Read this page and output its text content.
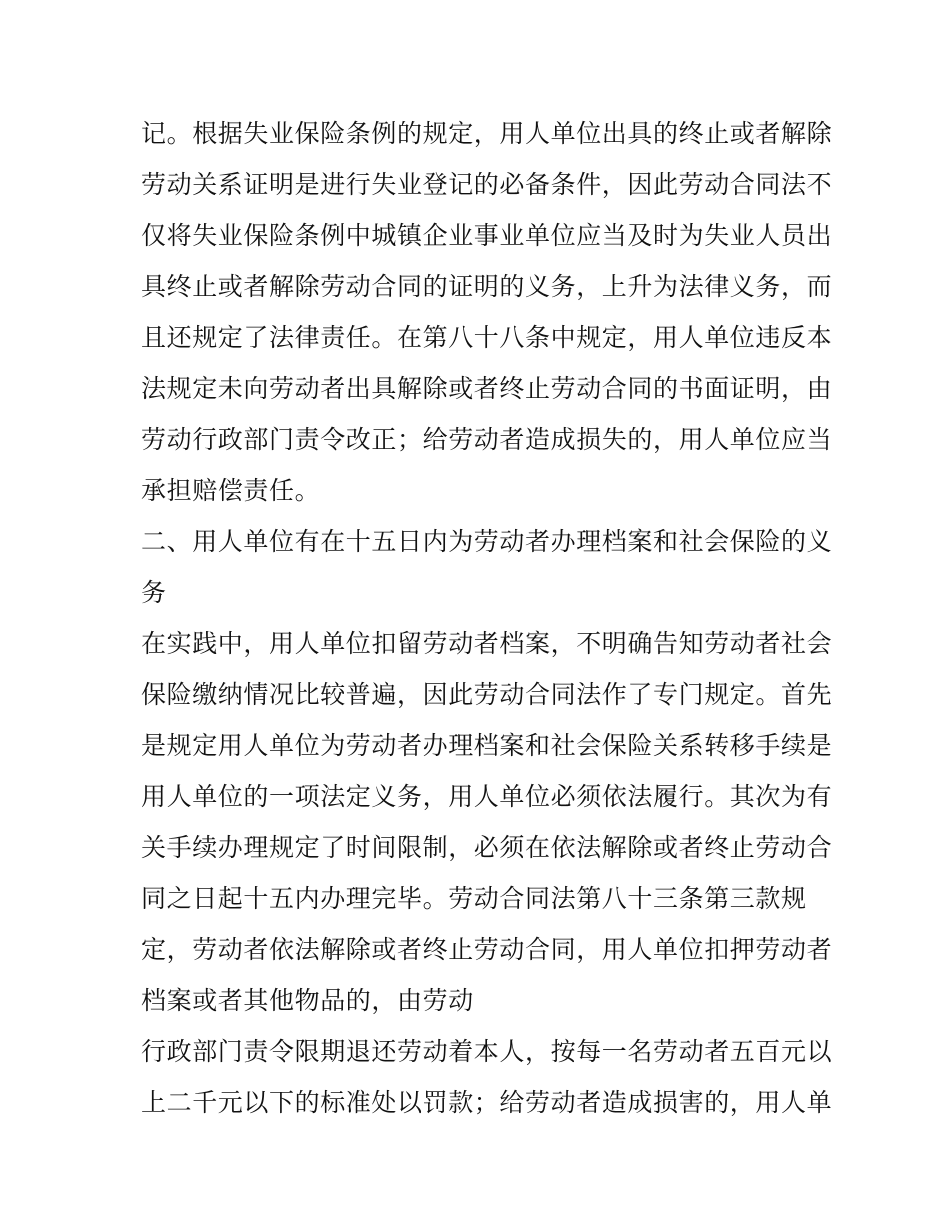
记。根据失业保险条例的规定，用人单位出具的终止或者解除
劳动关系证明是进行失业登记的必备条件，因此劳动合同法不
仅将失业保险条例中城镇企业事业单位应当及时为失业人员出
具终止或者解除劳动合同的证明的义务，上升为法律义务，而
且还规定了法律责任。在第八十八条中规定，用人单位违反本
法规定未向劳动者出具解除或者终止劳动合同的书面证明，由
劳动行政部门责令改正；给劳动者造成损失的，用人单位应当
承担赔偿责任。
二、用人单位有在十五日内为劳动者办理档案和社会保险的义
务
在实践中，用人单位扣留劳动者档案，不明确告知劳动者社会
保险缴纳情况比较普遍，因此劳动合同法作了专门规定。首先
是规定用人单位为劳动者办理档案和社会保险关系转移手续是
用人单位的一项法定义务，用人单位必须依法履行。其次为有
关手续办理规定了时间限制，必须在依法解除或者终止劳动合
同之日起十五内办理完毕。劳动合同法第八十三条第三款规
定，劳动者依法解除或者终止劳动合同，用人单位扣押劳动者
档案或者其他物品的，由劳动
行政部门责令限期退还劳动着本人，按每一名劳动者五百元以
上二千元以下的标准处以罚款；给劳动者造成损害的，用人单
